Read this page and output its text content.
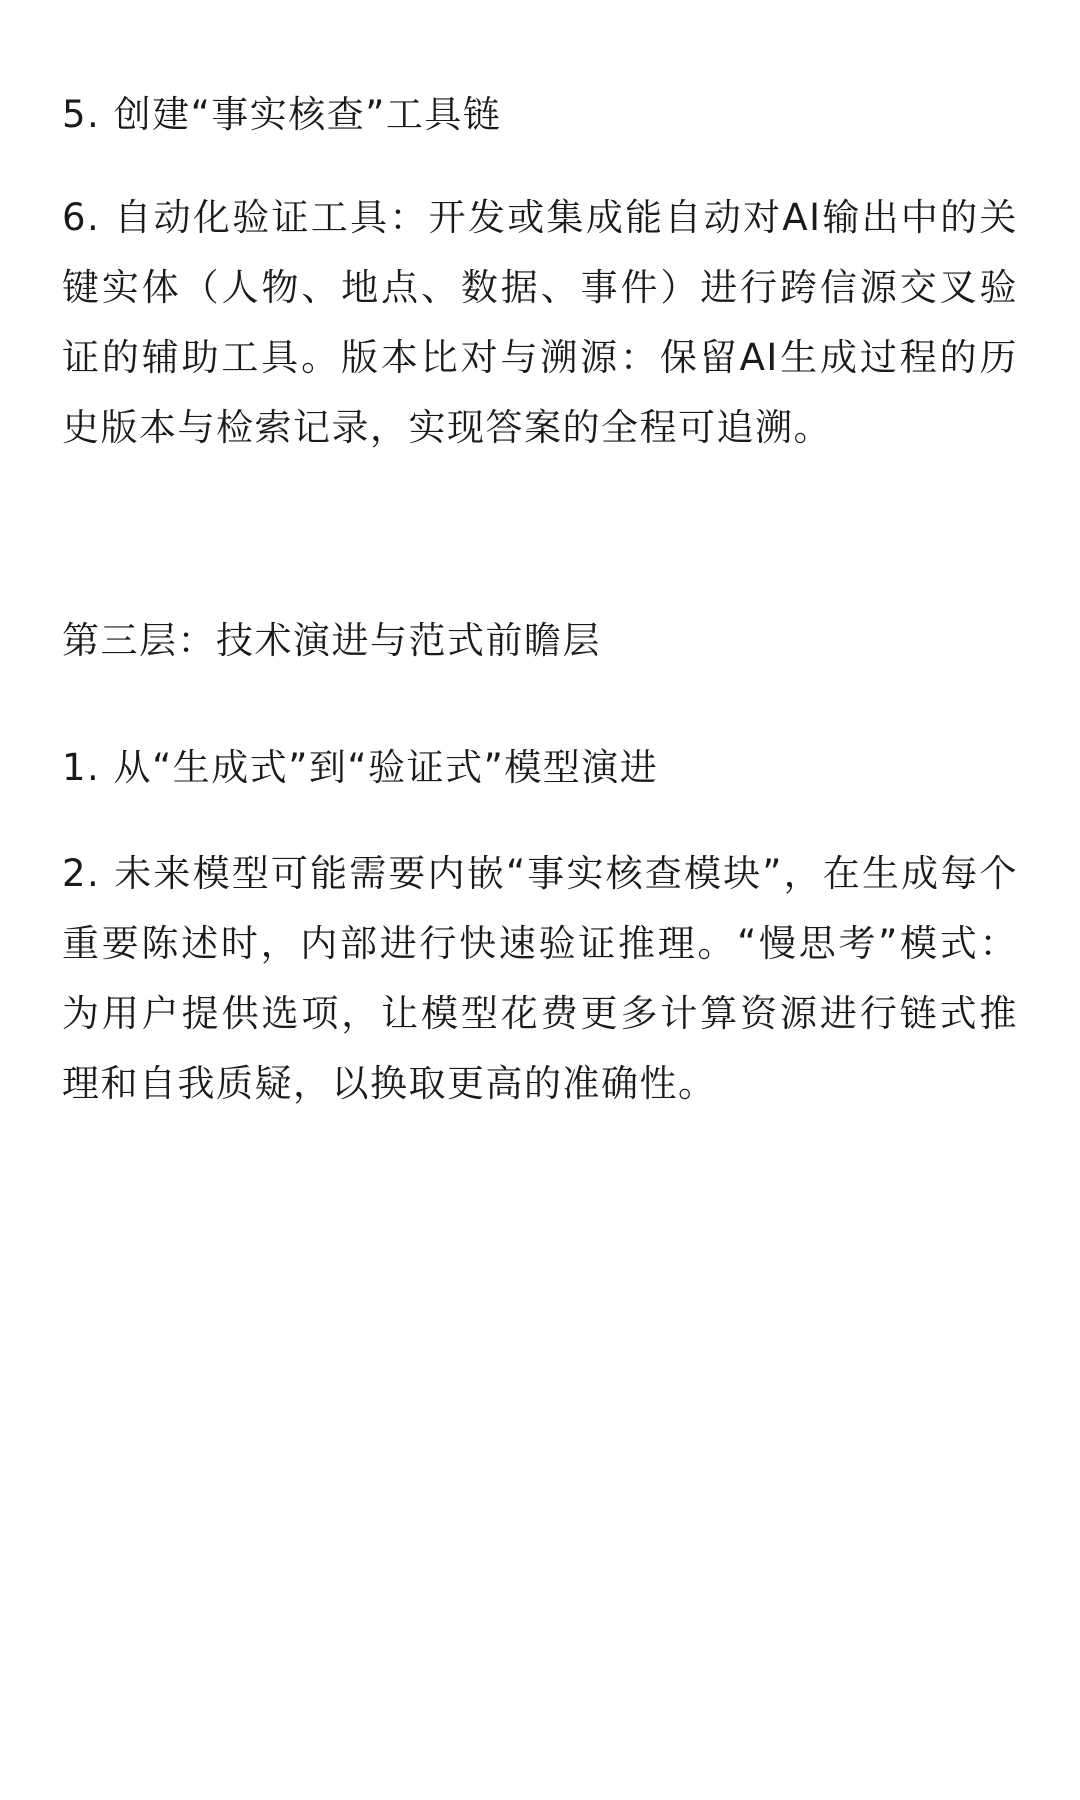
5. 创建“事实核查”工具链

6. 自动化验证工具：开发或集成能自动对AI输出中的关键实体（人物、地点、数据、事件）进行跨信源交叉验证的辅助工具。版本比对与溯源：保留AI生成过程的历史版本与检索记录，实现答案的全程可追溯。

第三层：技术演进与范式前瞻层

1. 从“生成式”到“验证式”模型演进

2. 未来模型可能需要内嵌“事实核查模块”，在生成每个重要陈述时，内部进行快速验证推理。“慢思考”模式：为用户提供选项，让模型花费更多计算资源进行链式推理和自我质疑，以换取更高的准确性。
